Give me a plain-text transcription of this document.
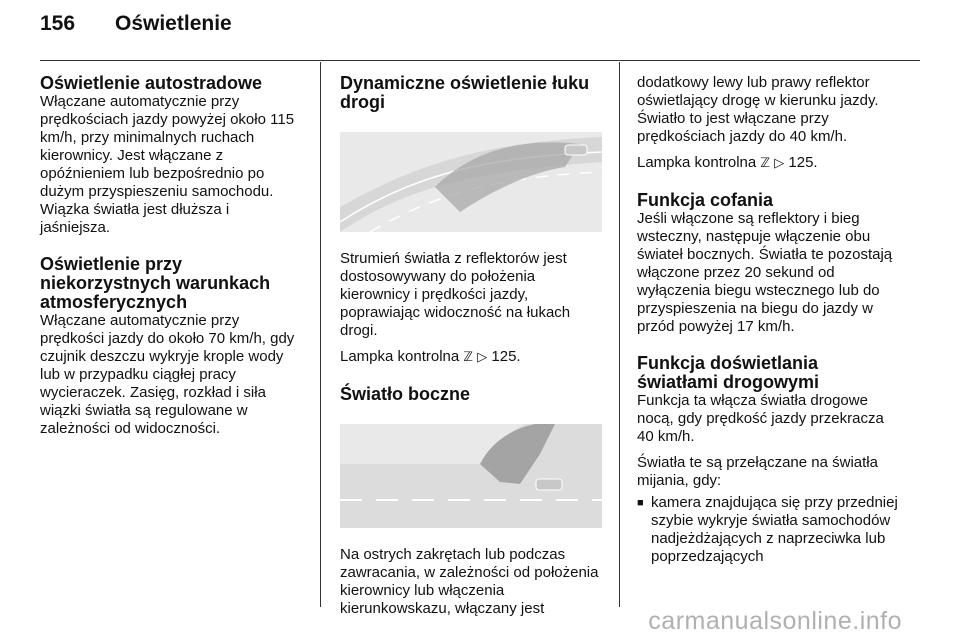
156 Oświetlenie
Oświetlenie autostradowe

Włączane automatycznie przy prędkościach jazdy powyżej około 115 km/h, przy minimalnych ruchach kierownicy. Jest włączane z opóźnieniem lub bezpośrednio po dużym przyspieszeniu samochodu. Wiązka światła jest dłuższa i jaśniejsza.

Oświetlenie przy niekorzystnych warunkach atmosferycznych

Włączane automatycznie przy prędkości jazdy do około 70 km/h, gdy czujnik deszczu wykryje krople wody lub w przypadku ciągłej pracy wycieraczek. Zasięg, rozkład i siła wiązki światła są regulowane w zależności od widoczności.

Dynamiczne oświetlenie łuku drogi

Strumień światła z reflektorów jest dostosowywany do położenia kierownicy i prędkości jazdy, poprawiając widoczność na łukach drogi.

Lampka kontrolna ℤ ▷ 125.

Światło boczne

Na ostrych zakrętach lub podczas zawracania, w zależności od położenia kierownicy lub włączenia kierunkowskazu, włączany jest

dodatkowy lewy lub prawy reflektor oświetlający drogę w kierunku jazdy. Światło to jest włączane przy prędkościach jazdy do 40 km/h.

Lampka kontrolna ℤ ▷ 125.

Funkcja cofania

Jeśli włączone są reflektory i bieg wsteczny, następuje włączenie obu świateł bocznych. Światła te pozostają włączone przez 20 sekund od wyłączenia biegu wstecznego lub do przyspieszenia na biegu do jazdy w przód powyżej 17 km/h.

Funkcja doświetlania światłami drogowymi

Funkcja ta włącza światła drogowe nocą, gdy prędkość jazdy przekracza 40 km/h.

Światła te są przełączane na światła mijania, gdy:

■ kamera znajdująca się przy przedniej szybie wykryje światła samochodów nadjeżdżających z naprzeciwka lub poprzedzających
carmanualsonline.info
